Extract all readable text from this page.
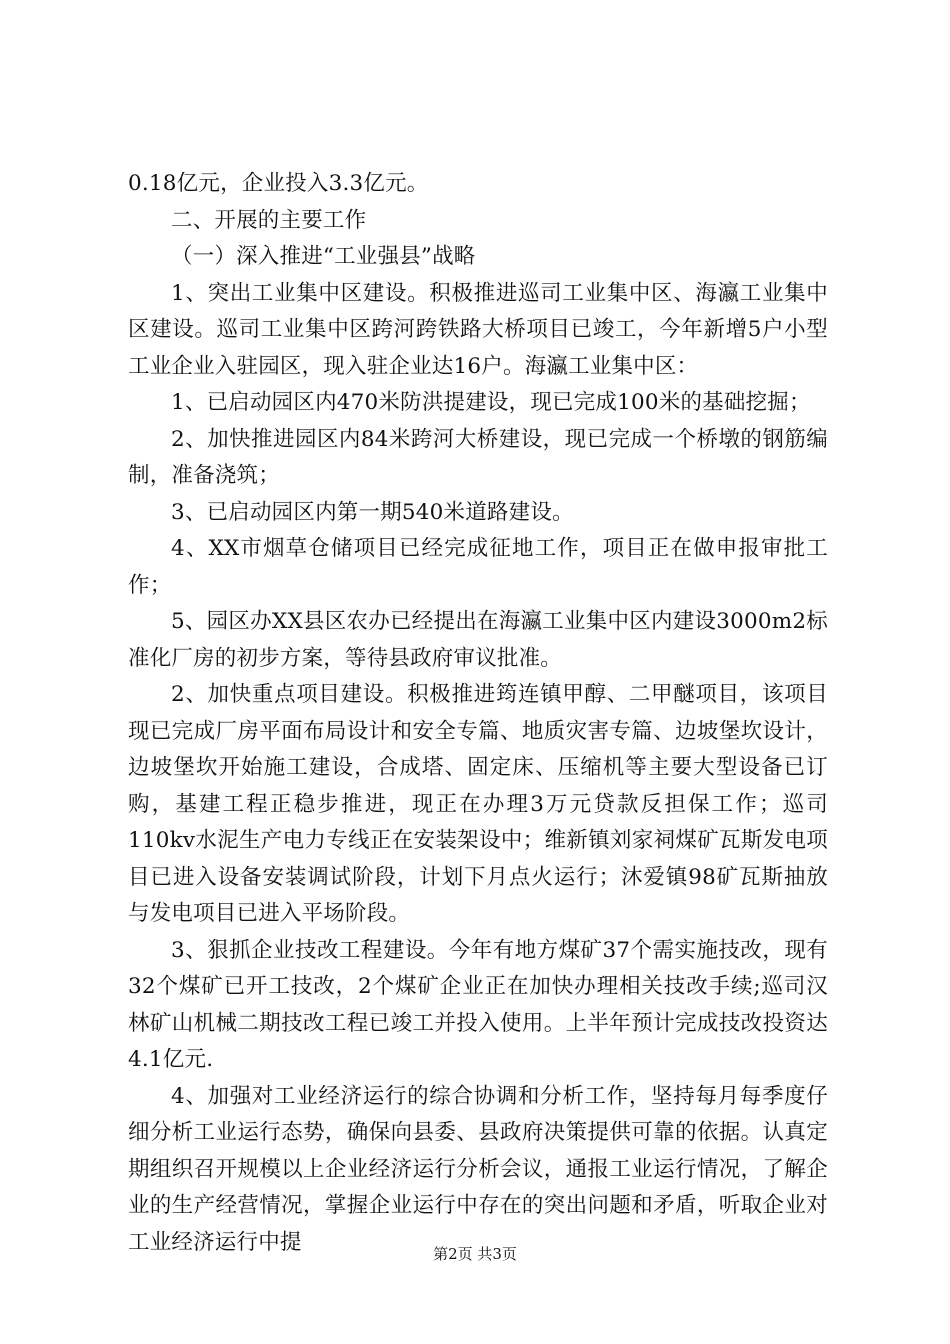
0.18亿元，企业投入3.3亿元。

二、开展的主要工作

（一）深入推进“工业强县”战略

1、突出工业集中区建设。积极推进巡司工业集中区、海瀛工业集中区建设。巡司工业集中区跨河跨铁路大桥项目已竣工，今年新增5户小型工业企业入驻园区，现入驻企业达16户。海瀛工业集中区：

1、已启动园区内470米防洪提建设，现已完成100米的基础挖掘；

2、加快推进园区内84米跨河大桥建设，现已完成一个桥墩的钢筋编制，准备浇筑；

3、已启动园区内第一期540米道路建设。

4、XX市烟草仓储项目已经完成征地工作，项目正在做申报审批工作；

5、园区办XX县区农办已经提出在海瀛工业集中区内建设3000m2标准化厂房的初步方案，等待县政府审议批准。

2、加快重点项目建设。积极推进筠连镇甲醇、二甲醚项目，该项目现已完成厂房平面布局设计和安全专篇、地质灾害专篇、边坡堡坎设计，边坡堡坎开始施工建设，合成塔、固定床、压缩机等主要大型设备已订购，基建工程正稳步推进，现正在办理3万元贷款反担保工作；巡司110kv水泥生产电力专线正在安装架设中；维新镇刘家祠煤矿瓦斯发电项目已进入设备安装调试阶段，计划下月点火运行；沐爱镇98矿瓦斯抽放与发电项目已进入平场阶段。

3、狠抓企业技改工程建设。今年有地方煤矿37个需实施技改，现有32个煤矿已开工技改，2个煤矿企业正在加快办理相关技改手续;巡司汉林矿山机械二期技改工程已竣工并投入使用。上半年预计完成技改投资达4.1亿元.

4、加强对工业经济运行的综合协调和分析工作，坚持每月每季度仔细分析工业运行态势，确保向县委、县政府决策提供可靠的依据。认真定期组织召开规模以上企业经济运行分析会议，通报工业运行情况，了解企业的生产经营情况，掌握企业运行中存在的突出问题和矛盾，听取企业对工业经济运行中提	第2页 共3页
